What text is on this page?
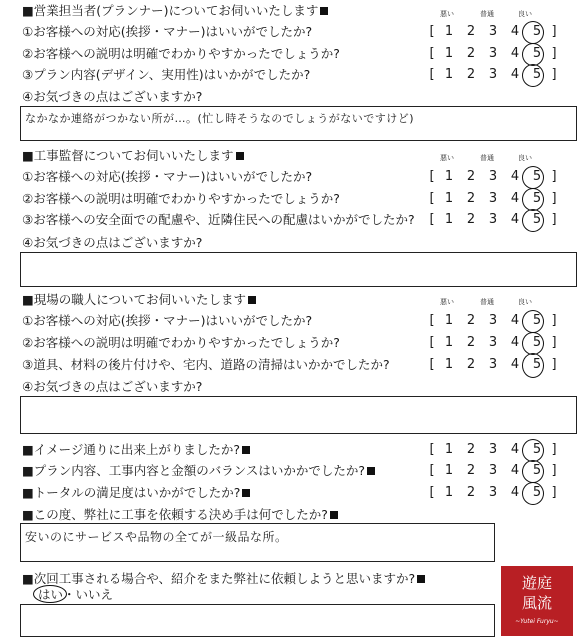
■営業担当者(プランナー)についてお伺いいたします	悪い	普通	良い
①お客様への対応(挨拶・マナー)はいいがでしたか?	[ 1 2 3 4 5 ]
②お客様への説明は明確でわかりやすかったでしょうか?	[ 1 2 3 4 5 ]
③プラン内容(デザイン、実用性)はいかがでしたか?	[ 1 2 3 4 5 ]
④お気づきの点はございますか?
なかなか連絡がつかない所が…。(忙し時そうなのでしょうがないですけど)
■工事監督についてお伺いいたします	悪い	普通	良い
①お客様への対応(挨拶・マナー)はいいがでしたか?	[ 1 2 3 4 5 ]
②お客様への説明は明確でわかりやすかったでしょうか?	[ 1 2 3 4 5 ]
③お客様への安全面での配慮や、近隣住民への配慮はいかがでしたか? [ 1 2 3 4 5 ]
④お気づきの点はございますか?
■現場の職人についてお伺いいたします	悪い	普通	良い
①お客様への対応(挨拶・マナー)はいいがでしたか?	[ 1 2 3 4 5 ]
②お客様への説明は明確でわかりやすかったでしょうか?	[ 1 2 3 4 5 ]
③道具、材料の後片付けや、宅内、道路の清掃はいかかでしたか?	[ 1 2 3 4 5 ]
④お気づきの点はございますか?
■イメージ通りに出来上がりましたか?	[ 1 2 3 4 5 ]
■プラン内容、工事内容と金額のバランスはいかかでしたか?	[ 1 2 3 4 5 ]
■トータルの満足度はいかがでしたか?	[ 1 2 3 4 5 ]
■この度、弊社に工事を依頼する決め手は何でしたか?
安いのにサービスや品物の全てが一級品な所。
■次回工事される場合や、紹介をまた弊社に依頼しようと思いますか?
はい
・いいえ
遊庭
風流
~Yutei Furyu~
